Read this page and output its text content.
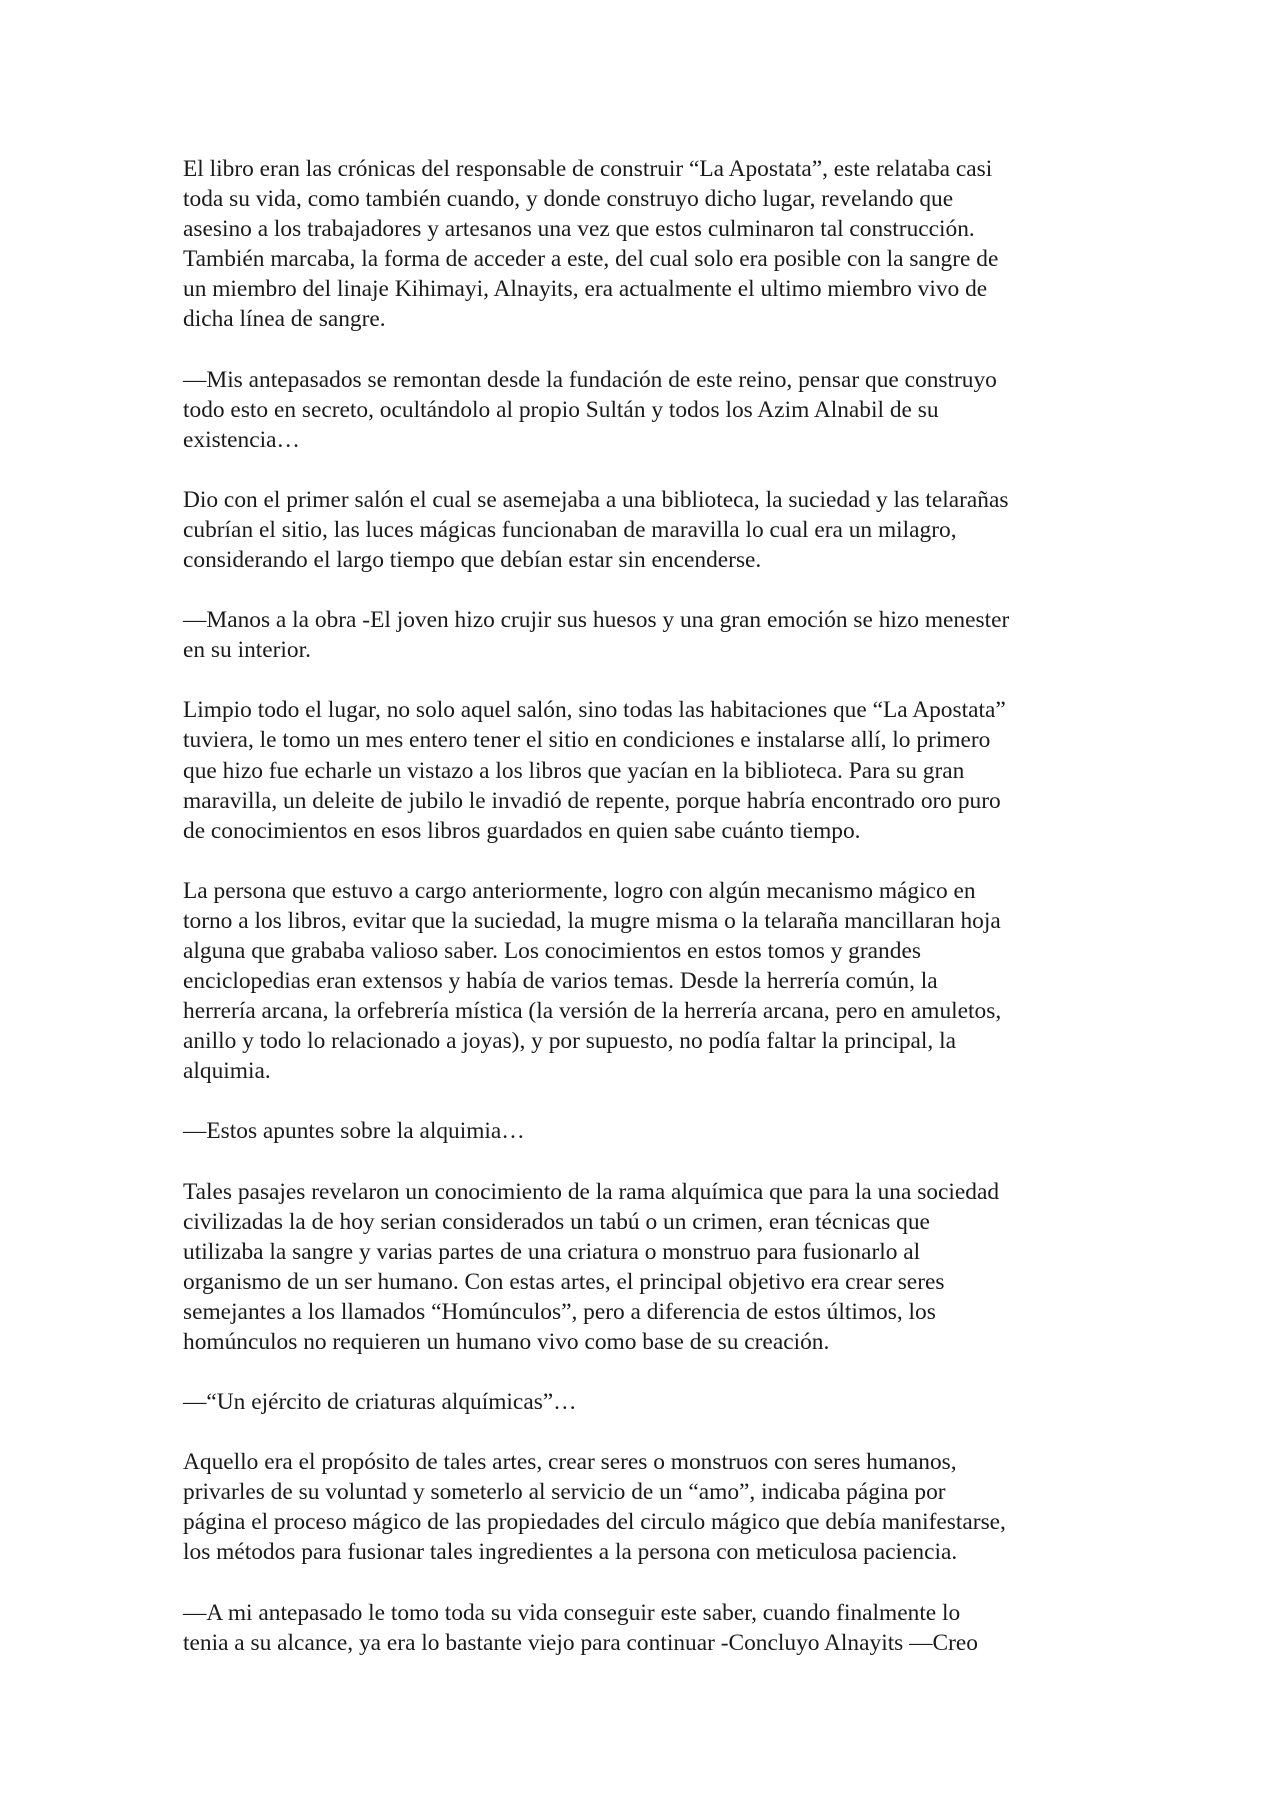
El libro eran las crónicas del responsable de construir “La Apostata”, este relataba casi
toda su vida, como también cuando, y donde construyo dicho lugar, revelando que
asesino a los trabajadores y artesanos una vez que estos culminaron tal construcción.
También marcaba, la forma de acceder a este, del cual solo era posible con la sangre de
un miembro del linaje Kihimayi, Alnayits, era actualmente el ultimo miembro vivo de
dicha línea de sangre.

—Mis antepasados se remontan desde la fundación de este reino, pensar que construyo
todo esto en secreto, ocultándolo al propio Sultán y todos los Azim Alnabil de su
existencia…

Dio con el primer salón el cual se asemejaba a una biblioteca, la suciedad y las telarañas
cubrían el sitio, las luces mágicas funcionaban de maravilla lo cual era un milagro,
considerando el largo tiempo que debían estar sin encenderse.

—Manos a la obra -El joven hizo crujir sus huesos y una gran emoción se hizo menester
en su interior.

Limpio todo el lugar, no solo aquel salón, sino todas las habitaciones que “La Apostata”
tuviera, le tomo un mes entero tener el sitio en condiciones e instalarse allí, lo primero
que hizo fue echarle un vistazo a los libros que yacían en la biblioteca. Para su gran
maravilla, un deleite de jubilo le invadió de repente, porque habría encontrado oro puro
de conocimientos en esos libros guardados en quien sabe cuánto tiempo.

La persona que estuvo a cargo anteriormente, logro con algún mecanismo mágico en
torno a los libros, evitar que la suciedad, la mugre misma o la telaraña mancillaran hoja
alguna que grababa valioso saber. Los conocimientos en estos tomos y grandes
enciclopedias eran extensos y había de varios temas. Desde la herrería común, la
herrería arcana, la orfebrería mística (la versión de la herrería arcana, pero en amuletos,
anillo y todo lo relacionado a joyas), y por supuesto, no podía faltar la principal, la
alquimia.

—Estos apuntes sobre la alquimia…

Tales pasajes revelaron un conocimiento de la rama alquímica que para la una sociedad
civilizadas la de hoy serian considerados un tabú o un crimen, eran técnicas que
utilizaba la sangre y varias partes de una criatura o monstruo para fusionarlo al
organismo de un ser humano. Con estas artes, el principal objetivo era crear seres
semejantes a los llamados “Homúnculos”, pero a diferencia de estos últimos, los
homúnculos no requieren un humano vivo como base de su creación.

—“Un ejército de criaturas alquímicas”…

Aquello era el propósito de tales artes, crear seres o monstruos con seres humanos,
privarles de su voluntad y someterlo al servicio de un “amo”, indicaba página por
página el proceso mágico de las propiedades del circulo mágico que debía manifestarse,
los métodos para fusionar tales ingredientes a la persona con meticulosa paciencia.

—A mi antepasado le tomo toda su vida conseguir este saber, cuando finalmente lo
tenia a su alcance, ya era lo bastante viejo para continuar -Concluyo Alnayits —Creo
